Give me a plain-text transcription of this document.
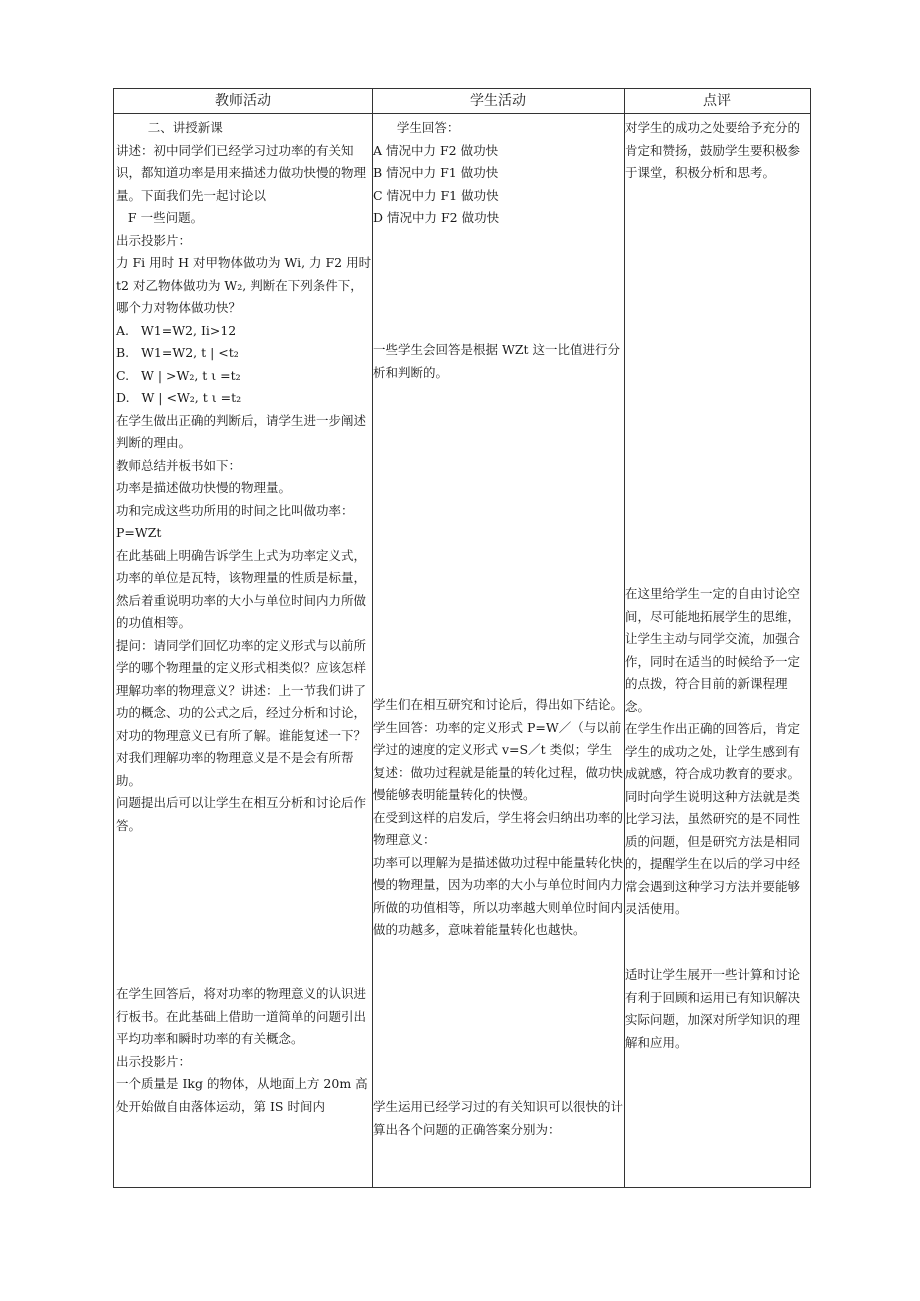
教师活动	学生活动	点评

二、讲授新课

讲述：初中同学们已经学习过功率的有关知识，都知道功率是用来描述力做功快慢的物理量。下面我们先一起讨论以

F 一些问题。

出示投影片：

力 Fi 用时 H 对甲物体做功为 Wi, 力 F2 用时 t2 对乙物体做功为 W₂, 判断在下列条件下，哪个力对物体做功快？

A.   W1=W2, Ii>12

B.   W1=W2, t | <t₂

C.   W | >W₂, t ι =t₂

D.   W | <W₂, t ι =t₂

在学生做出正确的判断后，请学生进一步阐述判断的理由。

教师总结并板书如下：

功率是描述做功快慢的物理量。

功和完成这些功所用的时间之比叫做功率：

P=WZt

在此基础上明确告诉学生上式为功率定义式，功率的单位是瓦特，该物理量的性质是标量，然后着重说明功率的大小与单位时间内力所做的功值相等。

提问：请同学们回忆功率的定义形式与以前所学的哪个物理量的定义形式相类似？应该怎样理解功率的物理意义？讲述：上一节我们讲了功的概念、功的公式之后，经过分析和讨论，对功的物理意义已有所了解。谁能复述一下？对我们理解功率的物理意义是不是会有所帮助。

问题提出后可以让学生在相互分析和讨论后作答。

在学生回答后，将对功率的物理意义的认识进行板书。在此基础上借助一道简单的问题引出平均功率和瞬时功率的有关概念。

出示投影片：

一个质量是 Ikg 的物体，从地面上方 20m 高处开始做自由落体运动，第 IS 时间内

学生回答：

A 情况中力 F2 做功快

B 情况中力 F1 做功快

C 情况中力 F1 做功快

D 情况中力 F2 做功快

一些学生会回答是根据 WZt 这一比值进行分析和判断的。

学生们在相互研究和讨论后，得出如下结论。学生回答：功率的定义形式 P=W／（与以前学过的速度的定义形式 v=S／t 类似；学生复述：做功过程就是能量的转化过程，做功快慢能够表明能量转化的快慢。

在受到这样的启发后，学生将会归纳出功率的物理意义：

功率可以理解为是描述做功过程中能量转化快慢的物理量，因为功率的大小与单位时间内力所做的功值相等，所以功率越大则单位时间内做的功越多，意味着能量转化也越快。

学生运用已经学习过的有关知识可以很快的计算出各个问题的正确答案分别为：

对学生的成功之处要给予充分的肯定和赞扬，鼓励学生要积极参于课堂，积极分析和思考。

在这里给学生一定的自由讨论空间，尽可能地拓展学生的思维，让学生主动与同学交流，加强合作，同时在适当的时候给予一定的点拨，符合目前的新课程理念。

在学生作出正确的回答后，肯定学生的成功之处，让学生感到有成就感，符合成功教育的要求。同时向学生说明这种方法就是类比学习法，虽然研究的是不同性质的问题，但是研究方法是相同的，提醒学生在以后的学习中经常会遇到这种学习方法并要能够灵活使用。

适时让学生展开一些计算和讨论有利于回顾和运用已有知识解决实际问题，加深对所学知识的理解和应用。
